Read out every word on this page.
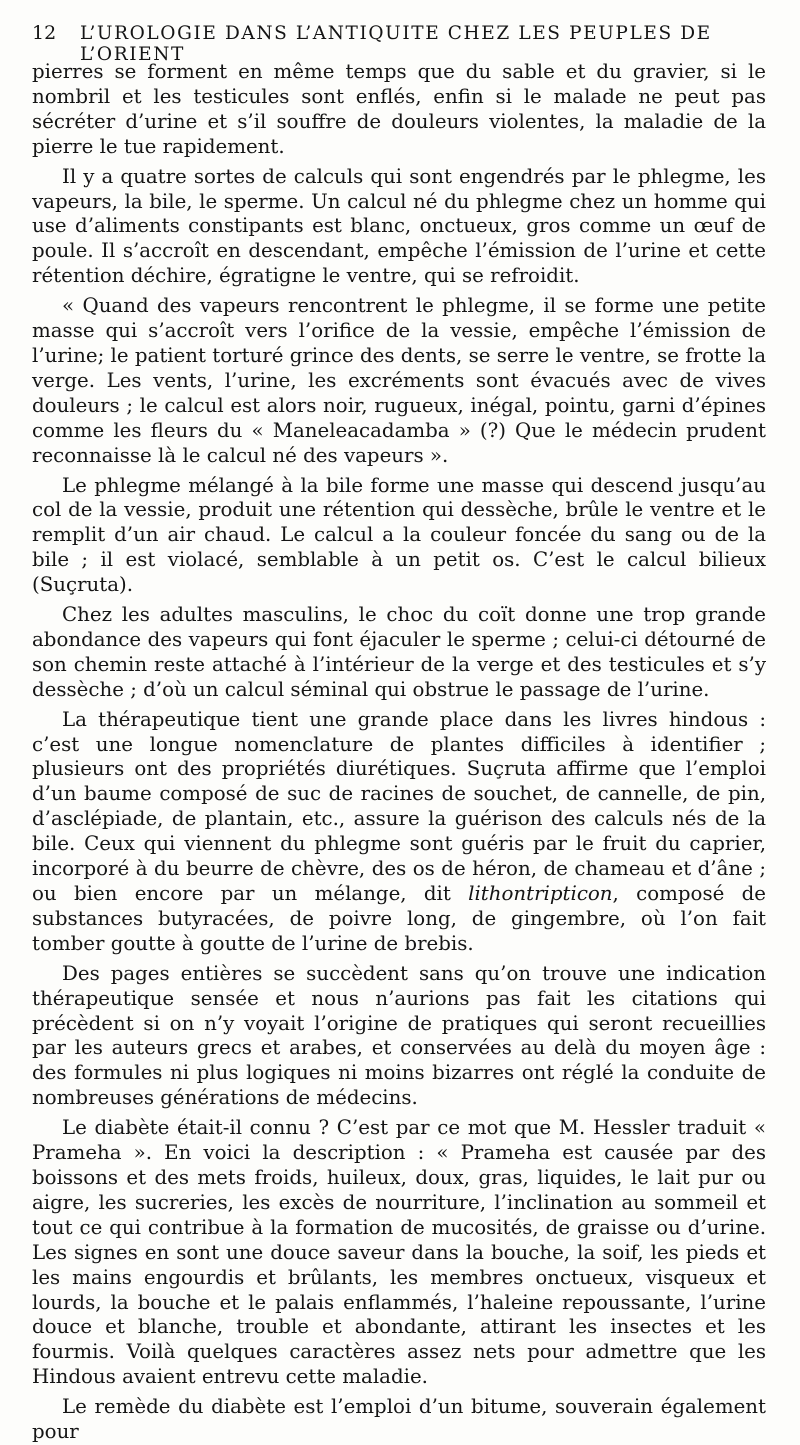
12	L’UROLOGIE DANS L’ANTIQUITE CHEZ LES PEUPLES DE L’ORIENT

pierres se forment en même temps que du sable et du gravier, si le nombril et les testicules sont enflés, enfin si le malade ne peut pas sécréter d’urine et s’il souffre de douleurs violentes, la maladie de la pierre le tue rapidement.

Il y a quatre sortes de calculs qui sont engendrés par le phlegme, les vapeurs, la bile, le sperme. Un calcul né du phlegme chez un homme qui use d’aliments constipants est blanc, onctueux, gros comme un œuf de poule. Il s’accroît en descendant, empêche l’émission de l’urine et cette rétention déchire, égratigne le ventre, qui se refroidit.

« Quand des vapeurs rencontrent le phlegme, il se forme une petite masse qui s’accroît vers l’orifice de la vessie, empêche l’émission de l’urine; le patient torturé grince des dents, se serre le ventre, se frotte la verge. Les vents, l’urine, les excréments sont évacués avec de vives douleurs ; le calcul est alors noir, rugueux, inégal, pointu, garni d’épines comme les fleurs du « Maneleacadamba » (?) Que le médecin prudent reconnaisse là le calcul né des vapeurs ».

Le phlegme mélangé à la bile forme une masse qui descend jusqu’au col de la vessie, produit une rétention qui dessèche, brûle le ventre et le remplit d’un air chaud. Le calcul a la couleur foncée du sang ou de la bile ; il est violacé, semblable à un petit os. C’est le calcul bilieux (Suçruta).

Chez les adultes masculins, le choc du coït donne une trop grande abondance des vapeurs qui font éjaculer le sperme ; celui-ci détourné de son chemin reste attaché à l’intérieur de la verge et des testicules et s’y dessèche ; d’où un calcul séminal qui obstrue le passage de l’urine.

La thérapeutique tient une grande place dans les livres hindous : c’est une longue nomenclature de plantes difficiles à identifier ; plusieurs ont des propriétés diurétiques. Suçruta affirme que l’emploi d’un baume composé de suc de racines de souchet, de cannelle, de pin, d’asclépiade, de plantain, etc., assure la guérison des calculs nés de la bile. Ceux qui viennent du phlegme sont guéris par le fruit du caprier, incorporé à du beurre de chèvre, des os de héron, de chameau et d’âne ; ou bien encore par un mélange, dit lithontripticon, composé de substances butyracées, de poivre long, de gingembre, où l’on fait tomber goutte à goutte de l’urine de brebis.

Des pages entières se succèdent sans qu’on trouve une indication thérapeutique sensée et nous n’aurions pas fait les citations qui précèdent si on n’y voyait l’origine de pratiques qui seront recueillies par les auteurs grecs et arabes, et conservées au delà du moyen âge : des formules ni plus logiques ni moins bizarres ont réglé la conduite de nombreuses générations de médecins.

Le diabète était-il connu ? C’est par ce mot que M. Hessler traduit « Prameha ». En voici la description : « Prameha est causée par des boissons et des mets froids, huileux, doux, gras, liquides, le lait pur ou aigre, les sucreries, les excès de nourriture, l’inclination au sommeil et tout ce qui contribue à la formation de mucosités, de graisse ou d’urine. Les signes en sont une douce saveur dans la bouche, la soif, les pieds et les mains engourdis et brûlants, les membres onctueux, visqueux et lourds, la bouche et le palais enflammés, l’haleine repoussante, l’urine douce et blanche, trouble et abondante, attirant les insectes et les fourmis. Voilà quelques caractères assez nets pour admettre que les Hindous avaient entrevu cette maladie.

Le remède du diabète est l’emploi d’un bitume, souverain également pour
